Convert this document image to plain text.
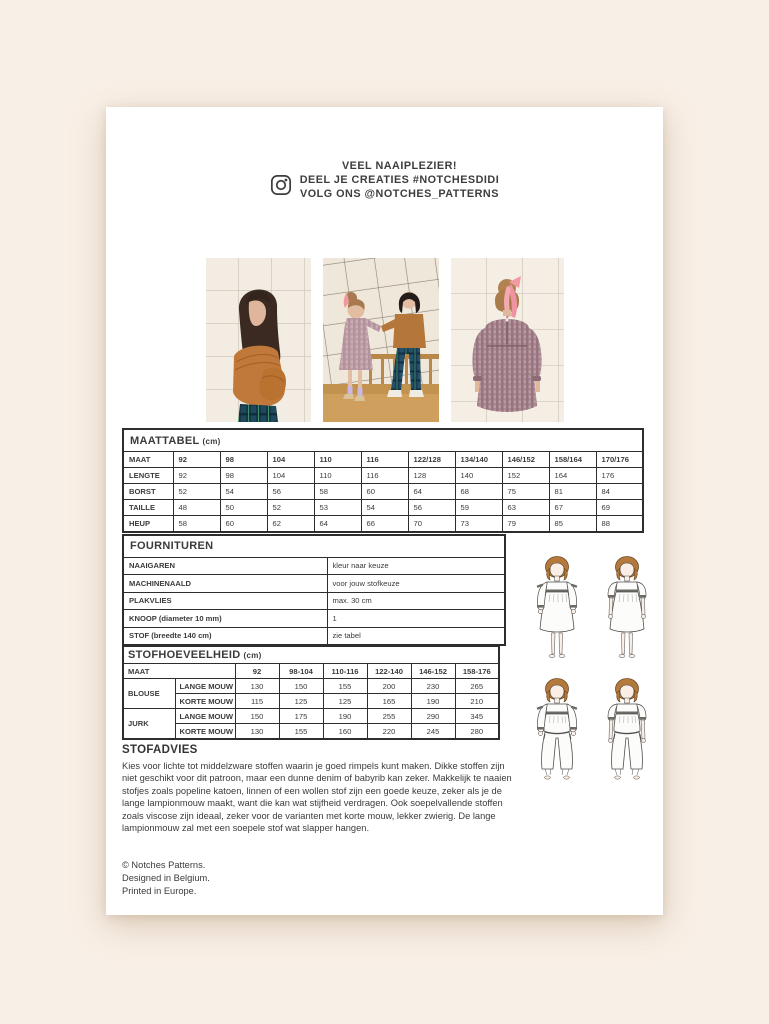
VEEL NAAIPLEZIER!
DEEL JE CREATIES #NOTCHESDIDI
VOLG ONS @NOTCHES_PATTERNS
MAATTABEL (cm)										
MAAT	92	98	104	110	116	122/128	134/140	146/152	158/164	170/176
LENGTE	92	98	104	110	116	128	140	152	164	176
BORST	52	54	56	58	60	64	68	75	81	84
TAILLE	48	50	52	53	54	56	59	63	67	69
HEUP	58	60	62	64	66	70	73	79	85	88
FOURNITUREN	
NAAIGAREN	kleur naar keuze
MACHINENAALD	voor jouw stofkeuze
PLAKVLIES	max. 30 cm
KNOOP (diameter 10 mm)	1
STOF (breedte 140 cm)	zie tabel
STOFHOEVEELHEID (cm)							
MAAT		92	98-104	110-116	122-140	146-152	158-176
BLOUSE	LANGE MOUW	130	150	155	200	230	265
	KORTE MOUW	115	125	125	165	190	210
JURK	LANGE MOUW	150	175	190	255	290	345
	KORTE MOUW	130	155	160	220	245	280
STOFADVIES

Kies voor lichte tot middelzware stoffen waarin je goed rimpels kunt maken. Dikke stoffen zijn niet geschikt voor dit patroon, maar een dunne denim of babyrib kan zeker. Makkelijk te naaien stofjes zoals popeline katoen, linnen of een wollen stof zijn een goede keuze, zeker als je de lange lampionmouw maakt, want die kan wat stijfheid verdragen. Ook soepelvallende stoffen zoals viscose zijn ideaal, zeker voor de varianten met korte mouw, lekker zwierig. De lange lampionmouw zal met een soepele stof wat slapper hangen.

© Notches Patterns.
Designed in Belgium.
Printed in Europe.
